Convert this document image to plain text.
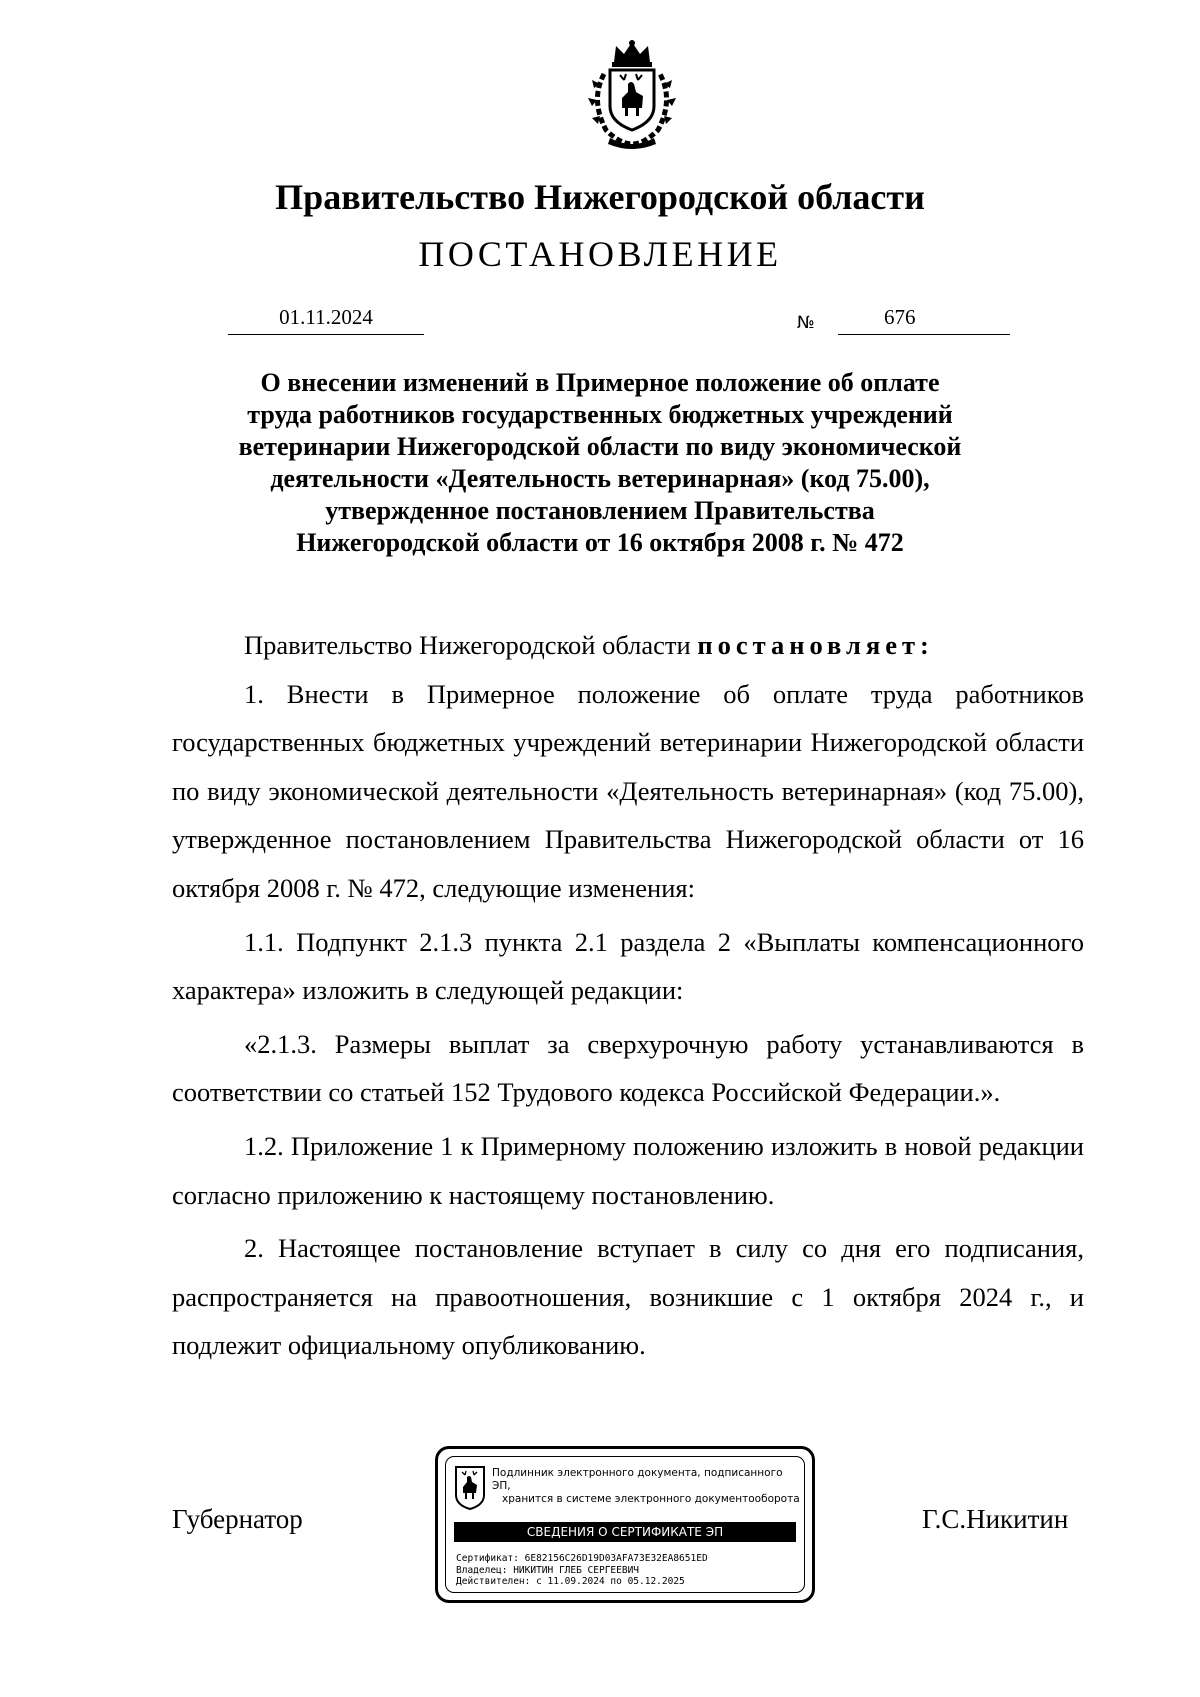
Правительство Нижегородской области
ПОСТАНОВЛЕНИЕ
01.11.2024	№	676
О внесении изменений в Примерное положение об оплате
труда работников государственных бюджетных учреждений
ветеринарии Нижегородской области по виду экономической
деятельности «Деятельность ветеринарная» (код 75.00),
утвержденное постановлением Правительства
Нижегородской области от 16 октября 2008 г. № 472

Правительство Нижегородской области постановляет:

1. Внести в Примерное положение об оплате труда работников государственных бюджетных учреждений ветеринарии Нижегородской области по виду экономической деятельности «Деятельность ветеринарная» (код 75.00), утвержденное постановлением Правительства Нижегородской области от 16 октября 2008 г. № 472, следующие изменения:

1.1. Подпункт 2.1.3 пункта 2.1 раздела 2 «Выплаты компенсационного характера» изложить в следующей редакции:

«2.1.3. Размеры выплат за сверхурочную работу устанавливаются в соответствии со статьей 152 Трудового кодекса Российской Федерации.».

1.2. Приложение 1 к Примерному положению изложить в новой редакции согласно приложению к настоящему постановлению.

2. Настоящее постановление вступает в силу со дня его подписания, распространяется на правоотношения, возникшие с 1 октября 2024 г., и подлежит официальному опубликованию.

Губернатор	Г.С.Никитин
Подлинник электронного документа, подписанного ЭП,
хранится в системе электронного документооборота
СВЕДЕНИЯ О СЕРТИФИКАТЕ ЭП
Сертификат: 6E82156C26D19D03AFA73E32EA8651ED
Владелец: НИКИТИН ГЛЕБ СЕРГЕЕВИЧ
Действителен: с 11.09.2024 по 05.12.2025
